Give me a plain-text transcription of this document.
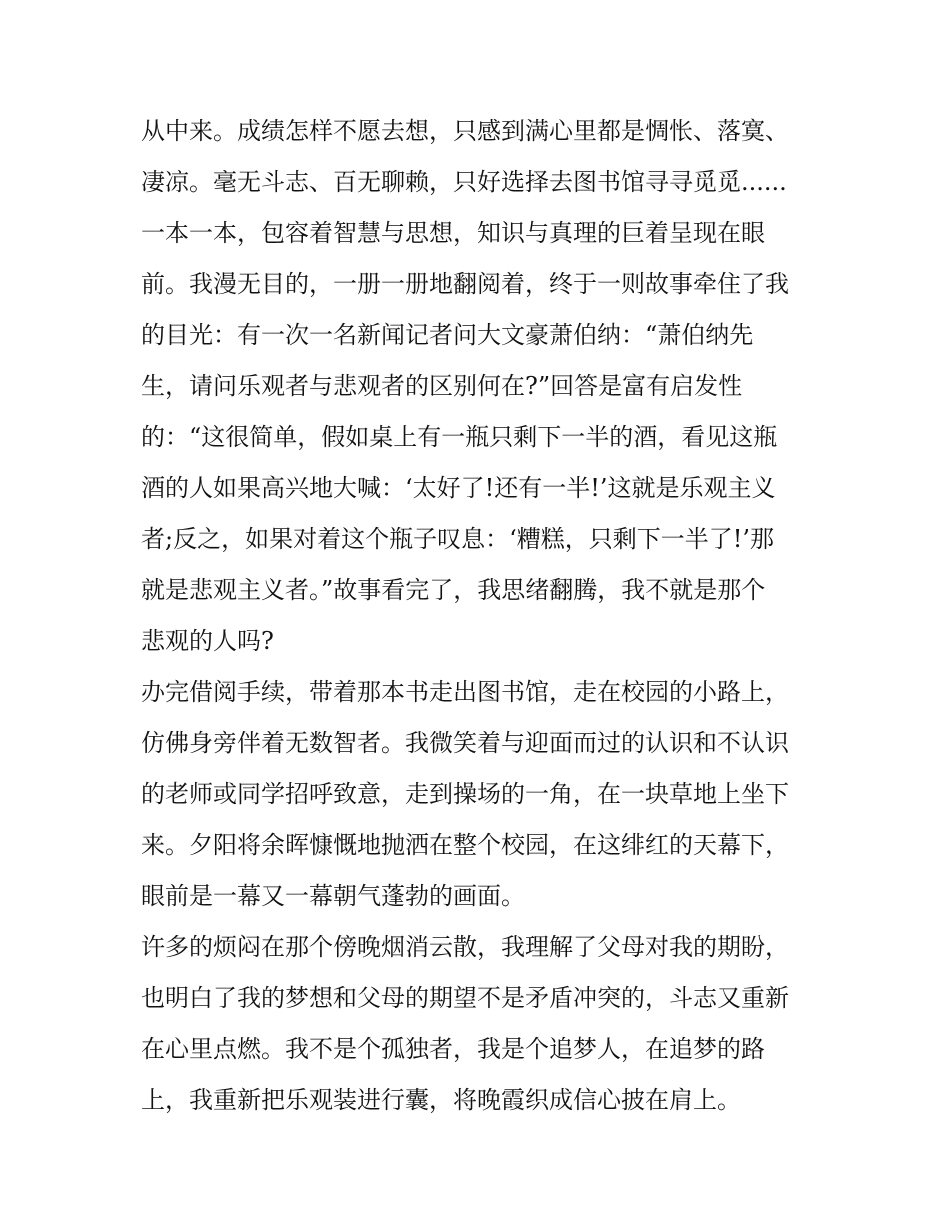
从中来。成绩怎样不愿去想，只感到满心里都是惆怅、落寞、
凄凉。毫无斗志、百无聊赖，只好选择去图书馆寻寻觅觅......
一本一本，包容着智慧与思想，知识与真理的巨着呈现在眼
前。我漫无目的，一册一册地翻阅着，终于一则故事牵住了我
的目光：有一次一名新闻记者问大文豪萧伯纳：“萧伯纳先
生，请问乐观者与悲观者的区别何在?”回答是富有启发性
的：“这很简单，假如桌上有一瓶只剩下一半的酒，看见这瓶
酒的人如果高兴地大喊：‘太好了!还有一半!’这就是乐观主义
者;反之，如果对着这个瓶子叹息：‘糟糕，只剩下一半了!’那
就是悲观主义者。”故事看完了，我思绪翻腾，我不就是那个
悲观的人吗?
办完借阅手续，带着那本书走出图书馆，走在校园的小路上，
仿佛身旁伴着无数智者。我微笑着与迎面而过的认识和不认识
的老师或同学招呼致意，走到操场的一角，在一块草地上坐下
来。夕阳将余晖慷慨地抛洒在整个校园，在这绯红的天幕下，
眼前是一幕又一幕朝气蓬勃的画面。
许多的烦闷在那个傍晚烟消云散，我理解了父母对我的期盼，
也明白了我的梦想和父母的期望不是矛盾冲突的，斗志又重新
在心里点燃。我不是个孤独者，我是个追梦人，在追梦的路
上，我重新把乐观装进行囊，将晚霞织成信心披在肩上。
